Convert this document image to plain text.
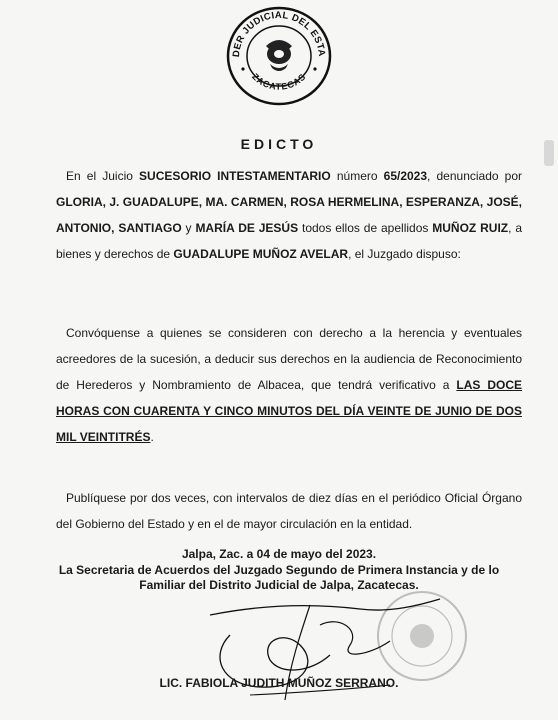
DER JUDICIAL DEL ESTA
ZACATECAS
EDICTO

En el Juicio SUCESORIO INTESTAMENTARIO número 65/2023, denunciado por GLORIA, J. GUADALUPE, MA. CARMEN, ROSA HERMELINA, ESPERANZA, JOSÉ, ANTONIO, SANTIAGO y MARÍA DE JESÚS todos ellos de apellidos MUÑOZ RUIZ, a bienes y derechos de GUADALUPE MUÑOZ AVELAR, el Juzgado dispuso:

Convóquense a quienes se consideren con derecho a la herencia y eventuales acreedores de la sucesión, a deducir sus derechos en la audiencia de Reconocimiento de Herederos y Nombramiento de Albacea, que tendrá verificativo a LAS DOCE HORAS CON CUARENTA Y CINCO MINUTOS DEL DÍA VEINTE DE JUNIO DE DOS MIL VEINTITRÉS.

Publíquese por dos veces, con intervalos de diez días en el periódico Oficial Órgano del Gobierno del Estado y en el de mayor circulación en la entidad.

Jalpa, Zac. a 04 de mayo del 2023.
La Secretaria de Acuerdos del Juzgado Segundo de Primera Instancia y de lo
Familiar del Distrito Judicial de Jalpa, Zacatecas.
LIC. FABIOLA JUDITH MUÑOZ SERRANO.
